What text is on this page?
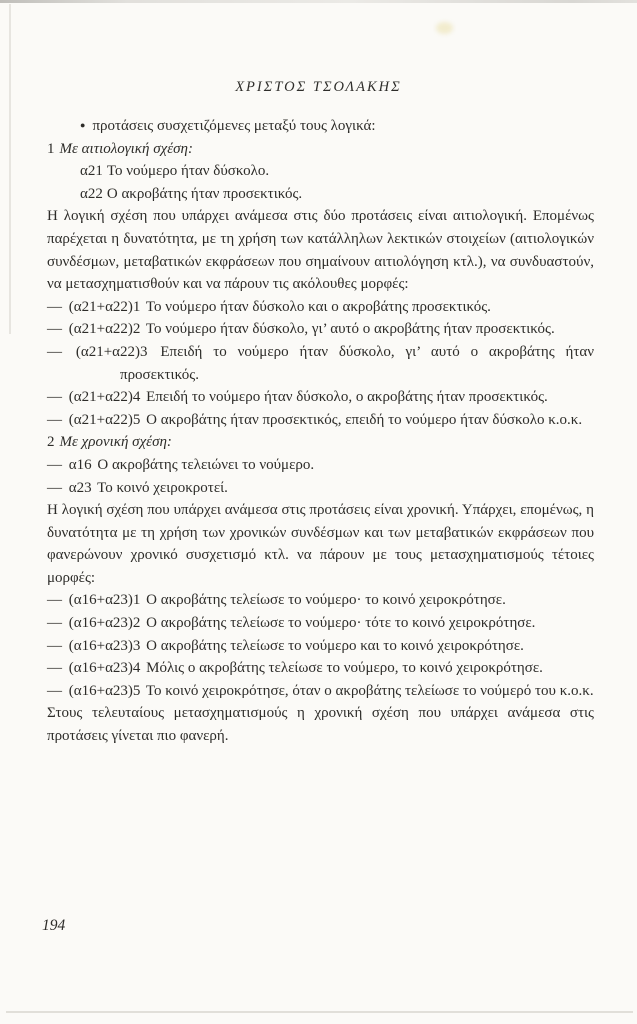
ΧΡΙΣΤΟΣ ΤΣΟΛΑΚΗΣ

● προτάσεις συσχετιζόμενες μεταξύ τους λογικά:

1 Με αιτιολογική σχέση:

α21 Το νούμερο ήταν δύσκολο.

α22 Ο ακροβάτης ήταν προσεκτικός.

Η λογική σχέση που υπάρχει ανάμεσα στις δύο προτάσεις είναι αιτιολογική. Επομένως παρέχεται η δυνατότητα, με τη χρήση των κατάλληλων λεκτικών στοιχείων (αιτιολογικών συνδέσμων, μεταβατικών εκφράσεων που σημαίνουν αιτιολόγηση κτλ.), να συνδυαστούν, να μετασχηματισθούν και να πάρουν τις ακόλουθες μορφές:

— (α21+α22)1 Το νούμερο ήταν δύσκολο και ο ακροβάτης προσεκτικός.

— (α21+α22)2 Το νούμερο ήταν δύσκολο, γι’ αυτό ο ακροβάτης ήταν προσεκτικός.

— (α21+α22)3 Επειδή το νούμερο ήταν δύσκολο, γι’ αυτό ο ακροβάτης ήταν προσεκτικός.

— (α21+α22)4 Επειδή το νούμερο ήταν δύσκολο, ο ακροβάτης ήταν προσεκτικός.

— (α21+α22)5 Ο ακροβάτης ήταν προσεκτικός, επειδή το νούμερο ήταν δύσκολο κ.ο.κ.

2 Με χρονική σχέση:

— α16 Ο ακροβάτης τελειώνει το νούμερο.

— α23 Το κοινό χειροκροτεί.

Η λογική σχέση που υπάρχει ανάμεσα στις προτάσεις είναι χρονική. Υπάρχει, επομένως, η δυνατότητα με τη χρήση των χρονικών συνδέσμων και των μεταβατικών εκφράσεων που φανερώνουν χρονικό συσχετισμό κτλ. να πάρουν με τους μετασχηματισμούς τέτοιες μορφές:

— (α16+α23)1 Ο ακροβάτης τελείωσε το νούμερο· το κοινό χειροκρότησε.

— (α16+α23)2 Ο ακροβάτης τελείωσε το νούμερο· τότε το κοινό χειροκρότησε.

— (α16+α23)3 Ο ακροβάτης τελείωσε το νούμερο και το κοινό χειροκρότησε.

— (α16+α23)4 Μόλις ο ακροβάτης τελείωσε το νούμερο, το κοινό χειροκρότησε.

— (α16+α23)5 Το κοινό χειροκρότησε, όταν ο ακροβάτης τελείωσε το νούμερό του κ.ο.κ.

Στους τελευταίους μετασχηματισμούς η χρονική σχέση που υπάρχει ανάμεσα στις προτάσεις γίνεται πιο φανερή.

194
